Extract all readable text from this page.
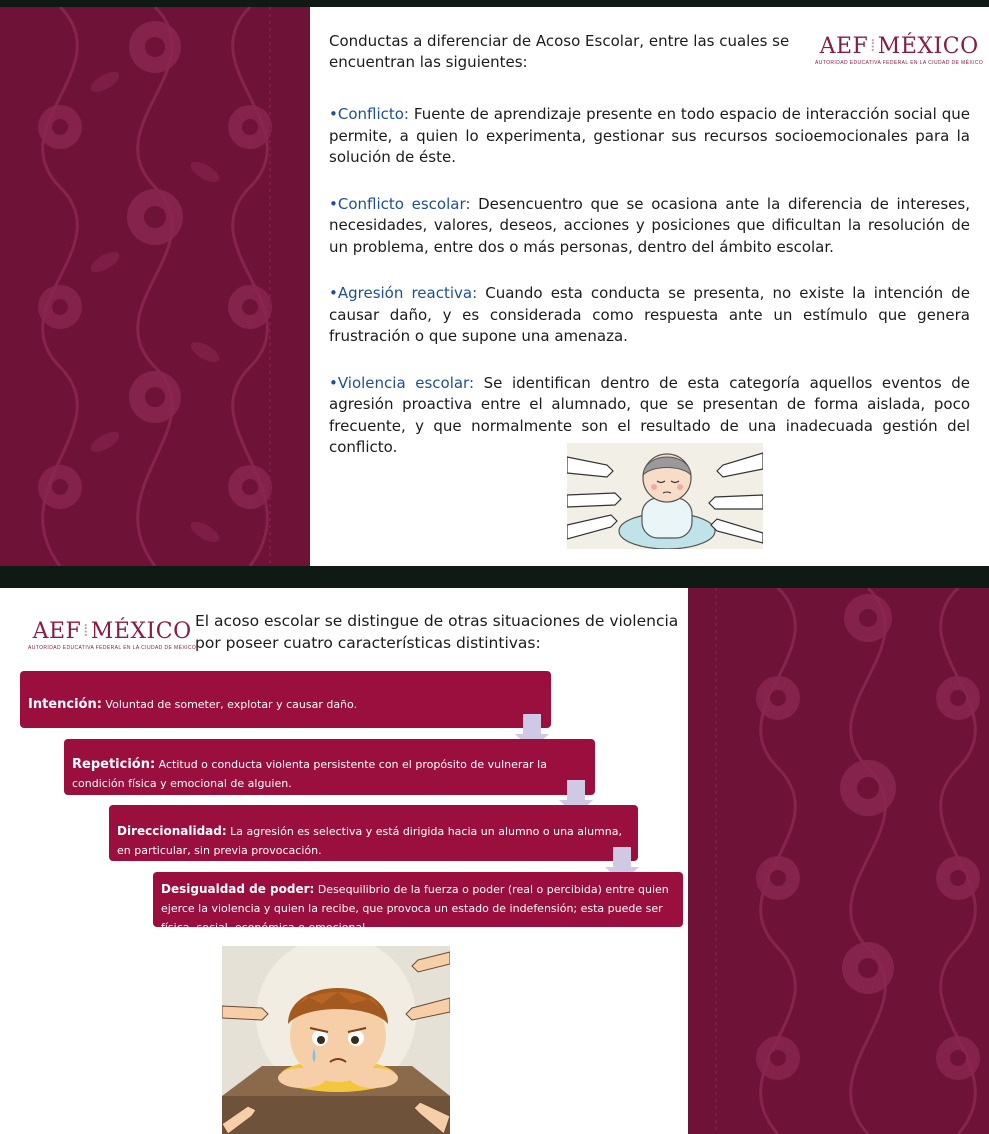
Conductas a diferenciar de Acoso Escolar, entre las cuales se encuentran las siguientes:
AEF ⁞MÉXICO
AUTORIDAD EDUCATIVA FEDERAL EN LA CIUDAD DE MÉXICO

•Conflicto: Fuente de aprendizaje presente en todo espacio de interacción social que permite, a quien lo experimenta, gestionar sus recursos socioemocionales para la solución de éste.

•Conflicto escolar: Desencuentro que se ocasiona ante la diferencia de intereses, necesidades, valores, deseos, acciones y posiciones que dificultan la resolución de un problema, entre dos o más personas, dentro del ámbito escolar.

•Agresión reactiva: Cuando esta conducta se presenta, no existe la intención de causar daño, y es considerada como respuesta ante un estímulo que genera frustración o que supone una amenaza.

•Violencia escolar: Se identifican dentro de esta categoría aquellos eventos de agresión proactiva entre el alumnado, que se presentan de forma aislada, poco frecuente, y que normalmente son el resultado de una inadecuada gestión del conflicto.

AEF ⁞MÉXICO
AUTORIDAD EDUCATIVA FEDERAL EN LA CIUDAD DE MÉXICO
El acoso escolar se distingue de otras situaciones de violencia por poseer cuatro características distintivas:
Intención: Voluntad de someter, explotar y causar daño.
Repetición: Actitud o conducta violenta persistente con el propósito de vulnerar la condición física y emocional de alguien.
Direccionalidad: La agresión es selectiva y está dirigida hacia un alumno o una alumna, en particular, sin previa provocación.
Desigualdad de poder: Desequilibrio de la fuerza o poder (real o percibida) entre quien ejerce la violencia y quien la recibe, que provoca un estado de indefensión; esta puede ser física, social, económica o emocional.
